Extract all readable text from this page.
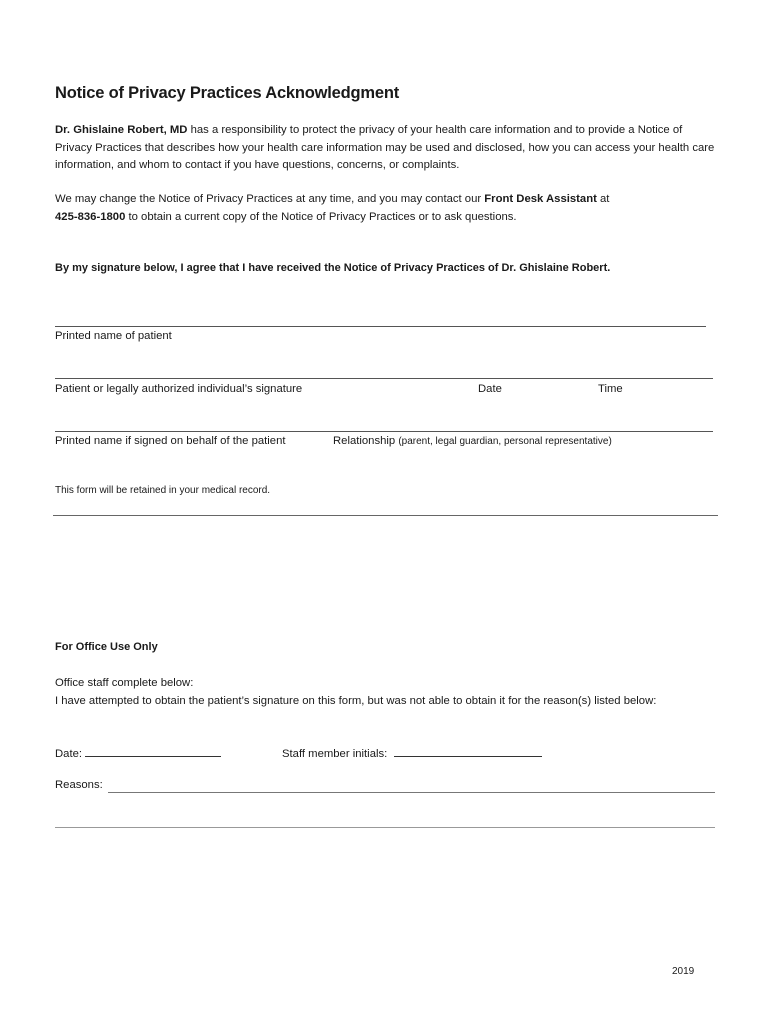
Notice of Privacy Practices Acknowledgment
Dr. Ghislaine Robert, MD has a responsibility to protect the privacy of your health care information and to provide a Notice of Privacy Practices that describes how your health care information may be used and disclosed, how you can access your health care information, and whom to contact if you have questions, concerns, or complaints.
We may change the Notice of Privacy Practices at any time, and you may contact our Front Desk Assistant at
425-836-1800 to obtain a current copy of the Notice of Privacy Practices or to ask questions.
By my signature below, I agree that I have received the Notice of Privacy Practices of Dr. Ghislaine Robert.
Printed name of patient
Patient or legally authorized individual’s signature	Date	Time
Printed name if signed on behalf of the patient	Relationship (parent, legal guardian, personal representative)
This form will be retained in your medical record.
For Office Use Only
Office staff complete below:
I have attempted to obtain the patient’s signature on this form, but was not able to obtain it for the reason(s) listed below:
Date:	Staff member initials:
Reasons:
2019
